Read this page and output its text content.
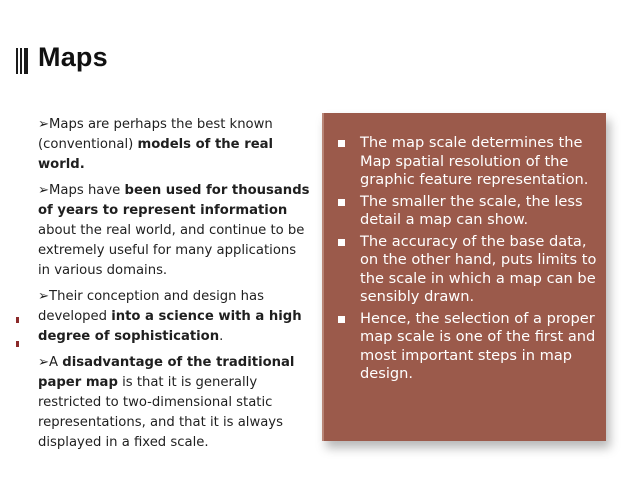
Maps

➢Maps are perhaps the best known (conventional) models of the real world.

➢Maps have been used for thousands of years to represent information about the real world, and continue to be extremely useful for many applications in various domains.

➢Their conception and design has developed into a science with a high degree of sophistication.

➢A disadvantage of the traditional paper map is that it is generally restricted to two-dimensional static representations, and that it is always displayed in a fixed scale.

The map scale determines the Map spatial resolution of the graphic feature representation.
The smaller the scale, the less detail a map can show.
The accuracy of the base data, on the other hand, puts limits to the scale in which a map can be sensibly drawn.
Hence, the selection of a proper map scale is one of the first and most important steps in map design.
